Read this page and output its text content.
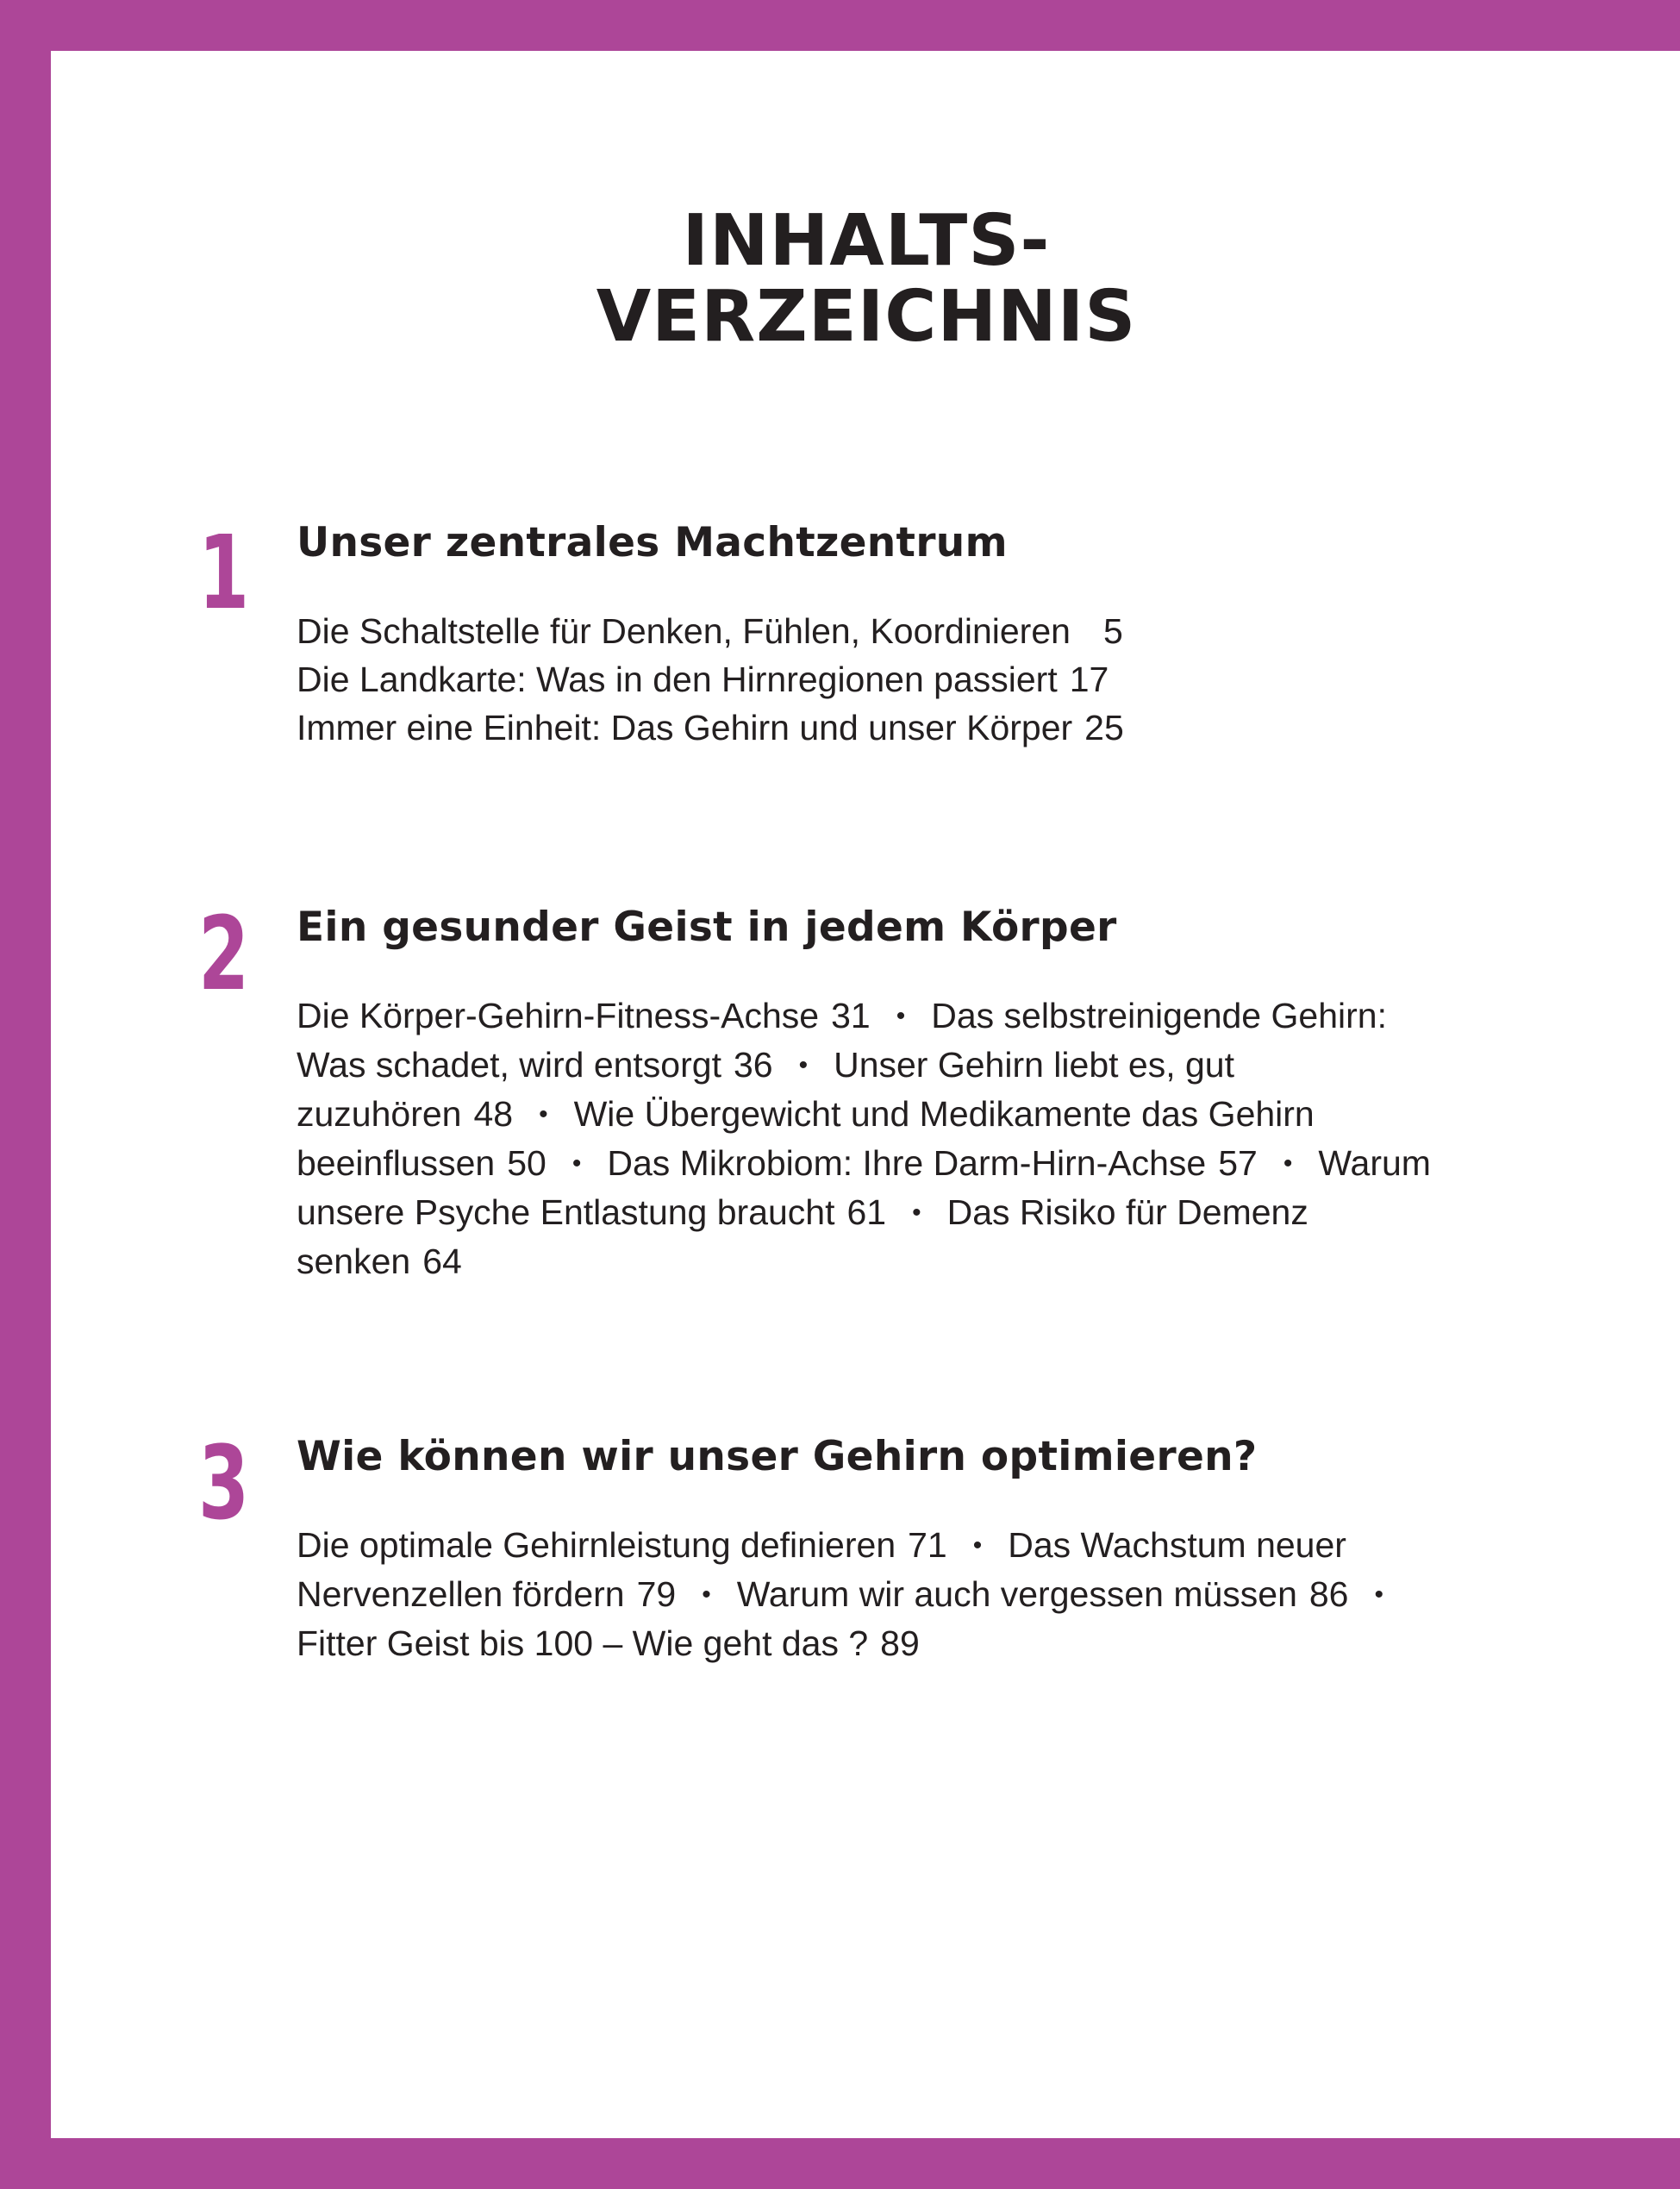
INHALTS-
VERZEICHNIS
1 Unser zentrales Machtzentrum
Die Schaltstelle für Denken, Fühlen, Koordinieren 5
Die Landkarte: Was in den Hirnregionen passiert 17
Immer eine Einheit: Das Gehirn und unser Körper 25
2 Ein gesunder Geist in jedem Körper
Die Körper-Gehirn-Fitness-Achse 31 • Das selbstreinigende Gehirn: Was schadet, wird entsorgt 36 • Unser Gehirn liebt es, gut zuzuhören 48 • Wie Übergewicht und Medikamente das Gehirn beeinflussen 50 • Das Mikrobiom: Ihre Darm-Hirn-Achse 57 • Warum unsere Psyche Entlastung braucht 61 • Das Risiko für Demenz senken 64
3 Wie können wir unser Gehirn optimieren?
Die optimale Gehirnleistung definieren 71 • Das Wachstum neuer Nervenzellen fördern 79 • Warum wir auch vergessen müssen 86 •Fitter Geist bis 100 – Wie geht das ? 89
